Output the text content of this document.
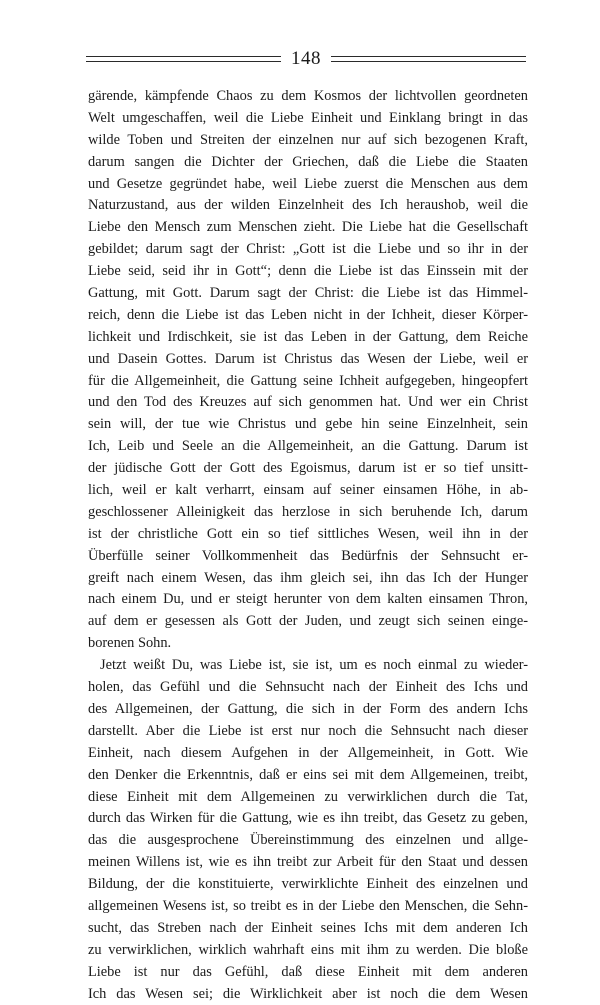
148
gärende, kämpfende Chaos zu dem Kosmos der lichtvollen geordneten
Welt umgeschaffen, weil die Liebe Einheit und Einklang bringt in das
wilde Toben und Streiten der einzelnen nur auf sich bezogenen Kraft,
darum sangen die Dichter der Griechen, daß die Liebe die Staaten
und Gesetze gegründet habe, weil Liebe zuerst die Menschen aus dem
Naturzustand, aus der wilden Einzelnheit des Ich heraushob, weil die
Liebe den Mensch zum Menschen zieht. Die Liebe hat die Gesellschaft
gebildet; darum sagt der Christ: „Gott ist die Liebe und so ihr in der
Liebe seid, seid ihr in Gott“; denn die Liebe ist das Einssein mit der
Gattung, mit Gott. Darum sagt der Christ: die Liebe ist das Himmel-
reich, denn die Liebe ist das Leben nicht in der Ichheit, dieser Körper-
lichkeit und Irdischkeit, sie ist das Leben in der Gattung, dem Reiche
und Dasein Gottes. Darum ist Christus das Wesen der Liebe, weil er
für die Allgemeinheit, die Gattung seine Ichheit aufgegeben, hingeopfert
und den Tod des Kreuzes auf sich genommen hat. Und wer ein Christ
sein will, der tue wie Christus und gebe hin seine Einzelnheit, sein
Ich, Leib und Seele an die Allgemeinheit, an die Gattung. Darum ist
der jüdische Gott der Gott des Egoismus, darum ist er so tief unsitt-
lich, weil er kalt verharrt, einsam auf seiner einsamen Höhe, in ab-
geschlossener Alleinigkeit das herzlose in sich beruhende Ich, darum
ist der christliche Gott ein so tief sittliches Wesen, weil ihn in der
Überfülle seiner Vollkommenheit das Bedürfnis der Sehnsucht er-
greift nach einem Wesen, das ihm gleich sei, ihn das Ich der Hunger
nach einem Du, und er steigt herunter von dem kalten einsamen Thron,
auf dem er gesessen als Gott der Juden, und zeugt sich seinen einge-
borenen Sohn.
Jetzt weißt Du, was Liebe ist, sie ist, um es noch einmal zu wieder-
holen, das Gefühl und die Sehnsucht nach der Einheit des Ichs und
des Allgemeinen, der Gattung, die sich in der Form des andern Ichs
darstellt. Aber die Liebe ist erst nur noch die Sehnsucht nach dieser
Einheit, nach diesem Aufgehen in der Allgemeinheit, in Gott. Wie
den Denker die Erkenntnis, daß er eins sei mit dem Allgemeinen, treibt,
diese Einheit mit dem Allgemeinen zu verwirklichen durch die Tat,
durch das Wirken für die Gattung, wie es ihn treibt, das Gesetz zu geben,
das die ausgesprochene Übereinstimmung des einzelnen und allge-
meinen Willens ist, wie es ihn treibt zur Arbeit für den Staat und dessen
Bildung, der die konstituierte, verwirklichte Einheit des einzelnen und
allgemeinen Wesens ist, so treibt es in der Liebe den Menschen, die Sehn-
sucht, das Streben nach der Einheit seines Ichs mit dem anderen Ich
zu verwirklichen, wirklich wahrhaft eins mit ihm zu werden. Die bloße
Liebe ist nur das Gefühl, daß diese Einheit mit dem anderen
Ich das Wesen sei; die Wirklichkeit aber ist noch die dem Wesen
